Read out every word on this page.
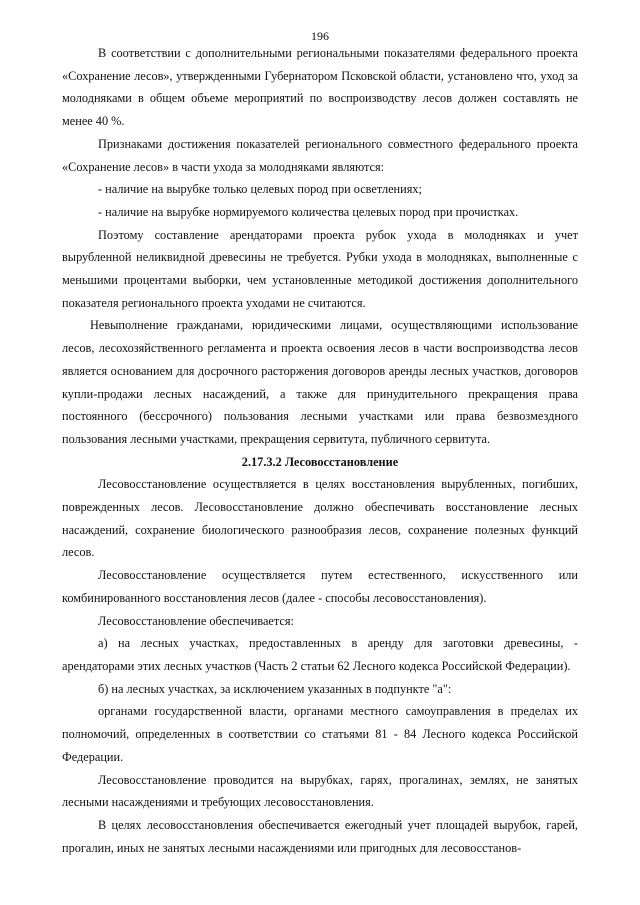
196

В соответствии с дополнительными региональными показателями федерального проекта «Сохранение лесов», утвержденными Губернатором Псковской области, установлено что, уход за молодняками в общем объеме мероприятий по воспроизводству лесов должен составлять не менее 40 %.

Признаками достижения показателей регионального совместного федерального проекта «Сохранение лесов» в части ухода за молодняками являются:

- наличие на вырубке только целевых пород при осветлениях;

- наличие на вырубке нормируемого количества целевых пород при прочистках.

Поэтому составление арендаторами проекта рубок ухода в молодняках и учет вырубленной неликвидной древесины не требуется. Рубки ухода в молодняках, выполненные с меньшими процентами выборки, чем установленные методикой достижения дополнительного показателя регионального проекта уходами не считаются.

Невыполнение гражданами, юридическими лицами, осуществляющими использование лесов, лесохозяйственного регламента и проекта освоения лесов в части воспроизводства лесов является основанием для досрочного расторжения договоров аренды лесных участков, договоров купли-продажи лесных насаждений, а также для принудительного прекращения права постоянного (бессрочного) пользования лесными участками или права безвозмездного пользования лесными участками, прекращения сервитута, публичного сервитута.

2.17.3.2 Лесовосстановление

Лесовосстановление осуществляется в целях восстановления вырубленных, погибших, поврежденных лесов. Лесовосстановление должно обеспечивать восстановление лесных насаждений, сохранение биологического разнообразия лесов, сохранение полезных функций лесов.

Лесовосстановление осуществляется путем естественного, искусственного или комбинированного восстановления лесов (далее - способы лесовосстановления).

Лесовосстановление обеспечивается:

а) на лесных участках, предоставленных в аренду для заготовки древесины, - арендаторами этих лесных участков (Часть 2 статьи 62 Лесного кодекса Российской Федерации).

б) на лесных участках, за исключением указанных в подпункте "а":

органами государственной власти, органами местного самоуправления в пределах их полномочий, определенных в соответствии со статьями 81 - 84 Лесного кодекса Российской Федерации.

Лесовосстановление проводится на вырубках, гарях, прогалинах, землях, не занятых лесными насаждениями и требующих лесовосстановления.

В целях лесовосстановления обеспечивается ежегодный учет площадей вырубок, гарей, прогалин, иных не занятых лесными насаждениями или пригодных для лесовосстанов-
